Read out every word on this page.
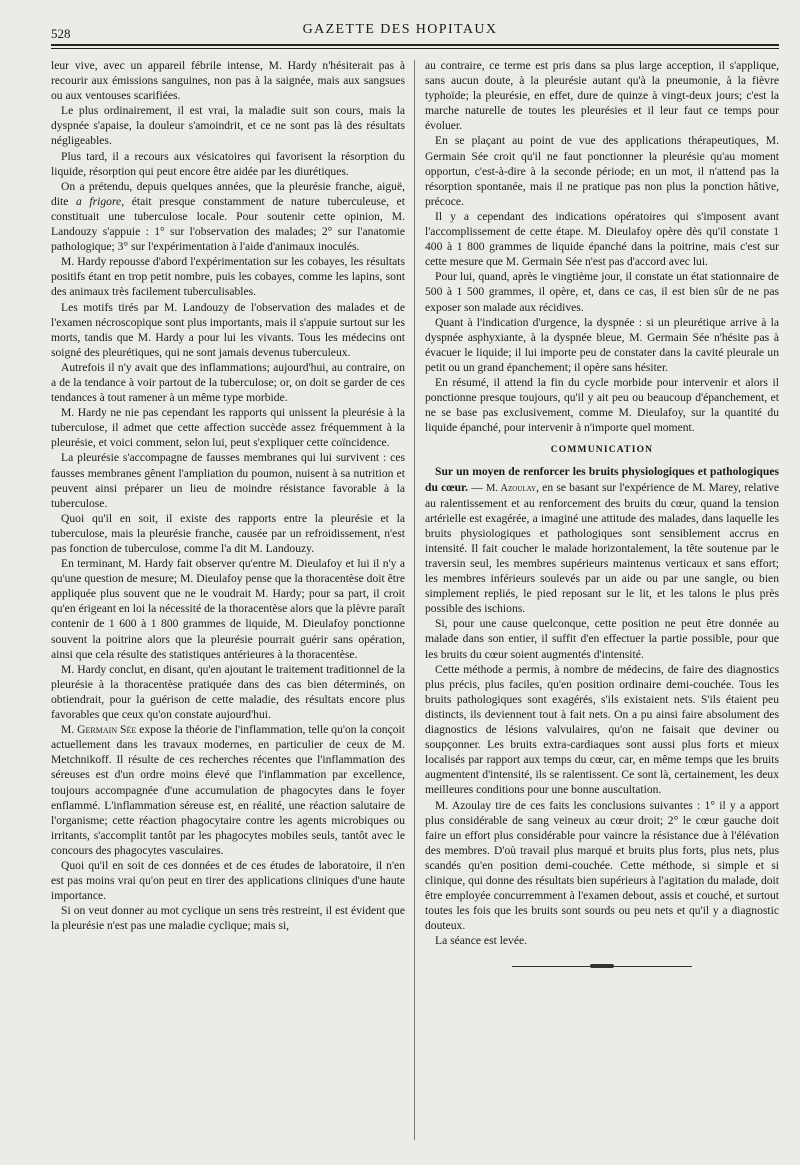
528	GAZETTE DES HOPITAUX

leur vive, avec un appareil fébrile intense, M. Hardy n'hésiterait pas à recourir aux émissions sanguines, non pas à la saignée, mais aux sangsues ou aux ventouses scarifiées.

Le plus ordinairement, il est vrai, la maladie suit son cours, mais la dyspnée s'apaise, la douleur s'amoindrit, et ce ne sont pas là des résultats négligeables.

Plus tard, il a recours aux vésicatoires qui favorisent la résorption du liquide, résorption qui peut encore être aidée par les diurétiques.

On a prétendu, depuis quelques années, que la pleurésie franche, aiguë, dite a frigore, était presque constamment de nature tuberculeuse, et constituait une tuberculose locale. Pour soutenir cette opinion, M. Landouzy s'appuie : 1° sur l'observation des malades; 2° sur l'anatomie pathologique; 3° sur l'expérimentation à l'aide d'animaux inoculés.

M. Hardy repousse d'abord l'expérimentation sur les cobayes, les résultats positifs étant en trop petit nombre, puis les cobayes, comme les lapins, sont des animaux très facilement tuberculisables.

Les motifs tirés par M. Landouzy de l'observation des malades et de l'examen nécroscopique sont plus importants, mais il s'appuie surtout sur les morts, tandis que M. Hardy a pour lui les vivants. Tous les médecins ont soigné des pleurétiques, qui ne sont jamais devenus tuberculeux.

Autrefois il n'y avait que des inflammations; aujourd'hui, au contraire, on a de la tendance à voir partout de la tuberculose; or, on doit se garder de ces tendances à tout ramener à un même type morbide.

M. Hardy ne nie pas cependant les rapports qui unissent la pleurésie à la tuberculose, il admet que cette affection succède assez fréquemment à la pleurésie, et voici comment, selon lui, peut s'expliquer cette coïncidence.

La pleurésie s'accompagne de fausses membranes qui lui survivent : ces fausses membranes gênent l'ampliation du poumon, nuisent à sa nutrition et peuvent ainsi préparer un lieu de moindre résistance favorable à la tuberculose.

Quoi qu'il en soit, il existe des rapports entre la pleurésie et la tuberculose, mais la pleurésie franche, causée par un refroidissement, n'est pas fonction de tuberculose, comme l'a dit M. Landouzy.

En terminant, M. Hardy fait observer qu'entre M. Dieulafoy et lui il n'y a qu'une question de mesure; M. Dieulafoy pense que la thoracentèse doit être appliquée plus souvent que ne le voudrait M. Hardy; pour sa part, il croit qu'en érigeant en loi la nécessité de la thoracentèse alors que la plèvre paraît contenir de 1 600 à 1 800 grammes de liquide, M. Dieulafoy ponctionne souvent la poitrine alors que la pleurésie pourrait guérir sans opération, ainsi que cela résulte des statistiques antérieures à la thoracentèse.

M. Hardy conclut, en disant, qu'en ajoutant le traitement traditionnel de la pleurésie à la thoracentèse pratiquée dans des cas bien déterminés, on obtiendrait, pour la guérison de cette maladie, des résultats encore plus favorables que ceux qu'on constate aujourd'hui.

M. Germain Sée expose la théorie de l'inflammation, telle qu'on la conçoit actuellement dans les travaux modernes, en particulier de ceux de M. Metchnikoff. Il résulte de ces recherches récentes que l'inflammation des séreuses est d'un ordre moins élevé que l'inflammation par excellence, toujours accompagnée d'une accumulation de phagocytes dans le foyer enflammé. L'inflammation séreuse est, en réalité, une réaction salutaire de l'organisme; cette réaction phagocytaire contre les agents microbiques ou irritants, s'accomplit tantôt par les phagocytes mobiles seuls, tantôt avec le concours des phagocytes vasculaires.

Quoi qu'il en soit de ces données et de ces études de laboratoire, il n'en est pas moins vrai qu'on peut en tirer des applications cliniques d'une haute importance.

Si on veut donner au mot cyclique un sens très restreint, il est évident que la pleurésie n'est pas une maladie cyclique; mais si,

au contraire, ce terme est pris dans sa plus large acception, il s'applique, sans aucun doute, à la pleurésie autant qu'à la pneumonie, à la fièvre typhoïde; la pleurésie, en effet, dure de quinze à vingt-deux jours; c'est la marche naturelle de toutes les pleurésies et il leur faut ce temps pour évoluer.

En se plaçant au point de vue des applications thérapeutiques, M. Germain Sée croit qu'il ne faut ponctionner la pleurésie qu'au moment opportun, c'est-à-dire à la seconde période; en un mot, il n'attend pas la résorption spontanée, mais il ne pratique pas non plus la ponction hâtive, précoce.

Il y a cependant des indications opératoires qui s'imposent avant l'accomplissement de cette étape. M. Dieulafoy opère dès qu'il constate 1 400 à 1 800 grammes de liquide épanché dans la poitrine, mais c'est sur cette mesure que M. Germain Sée n'est pas d'accord avec lui.

Pour lui, quand, après le vingtième jour, il constate un état stationnaire de 500 à 1 500 grammes, il opère, et, dans ce cas, il est bien sûr de ne pas exposer son malade aux récidives.

Quant à l'indication d'urgence, la dyspnée : si un pleurétique arrive à la dyspnée asphyxiante, à la dyspnée bleue, M. Germain Sée n'hésite pas à évacuer le liquide; il lui importe peu de constater dans la cavité pleurale un petit ou un grand épanchement; il opère sans hésiter.

En résumé, il attend la fin du cycle morbide pour intervenir et alors il ponctionne presque toujours, qu'il y ait peu ou beaucoup d'épanchement, et ne se base pas exclusivement, comme M. Dieulafoy, sur la quantité du liquide épanché, pour intervenir à n'importe quel moment.

COMMUNICATION

Sur un moyen de renforcer les bruits physiologiques et pathologiques du cœur. — M. Azoulay, en se basant sur l'expérience de M. Marey, relative au ralentissement et au renforcement des bruits du cœur, quand la tension artérielle est exagérée, a imaginé une attitude des malades, dans laquelle les bruits physiologiques et pathologiques sont sensiblement accrus en intensité. Il fait coucher le malade horizontalement, la tête soutenue par le traversin seul, les membres supérieurs maintenus verticaux et sans effort; les membres inférieurs soulevés par un aide ou par une sangle, ou bien simplement repliés, le pied reposant sur le lit, et les talons le plus près possible des ischions.

Si, pour une cause quelconque, cette position ne peut être donnée au malade dans son entier, il suffit d'en effectuer la partie possible, pour que les bruits du cœur soient augmentés d'intensité.

Cette méthode a permis, à nombre de médecins, de faire des diagnostics plus précis, plus faciles, qu'en position ordinaire demi-couchée. Tous les bruits pathologiques sont exagérés, s'ils existaient nets. S'ils étaient peu distincts, ils deviennent tout à fait nets. On a pu ainsi faire absolument des diagnostics de lésions valvulaires, qu'on ne faisait que deviner ou soupçonner. Les bruits extra-cardiaques sont aussi plus forts et mieux localisés par rapport aux temps du cœur, car, en même temps que les bruits augmentent d'intensité, ils se ralentissent. Ce sont là, certainement, les deux meilleures conditions pour une bonne auscultation.

M. Azoulay tire de ces faits les conclusions suivantes : 1° il y a apport plus considérable de sang veineux au cœur droit; 2° le cœur gauche doit faire un effort plus considérable pour vaincre la résistance due à l'élévation des membres. D'où travail plus marqué et bruits plus forts, plus nets, plus scandés qu'en position demi-couchée. Cette méthode, si simple et si clinique, qui donne des résultats bien supérieurs à l'agitation du malade, doit être employée concurremment à l'examen debout, assis et couché, et surtout toutes les fois que les bruits sont sourds ou peu nets et qu'il y a diagnostic douteux.

La séance est levée.
